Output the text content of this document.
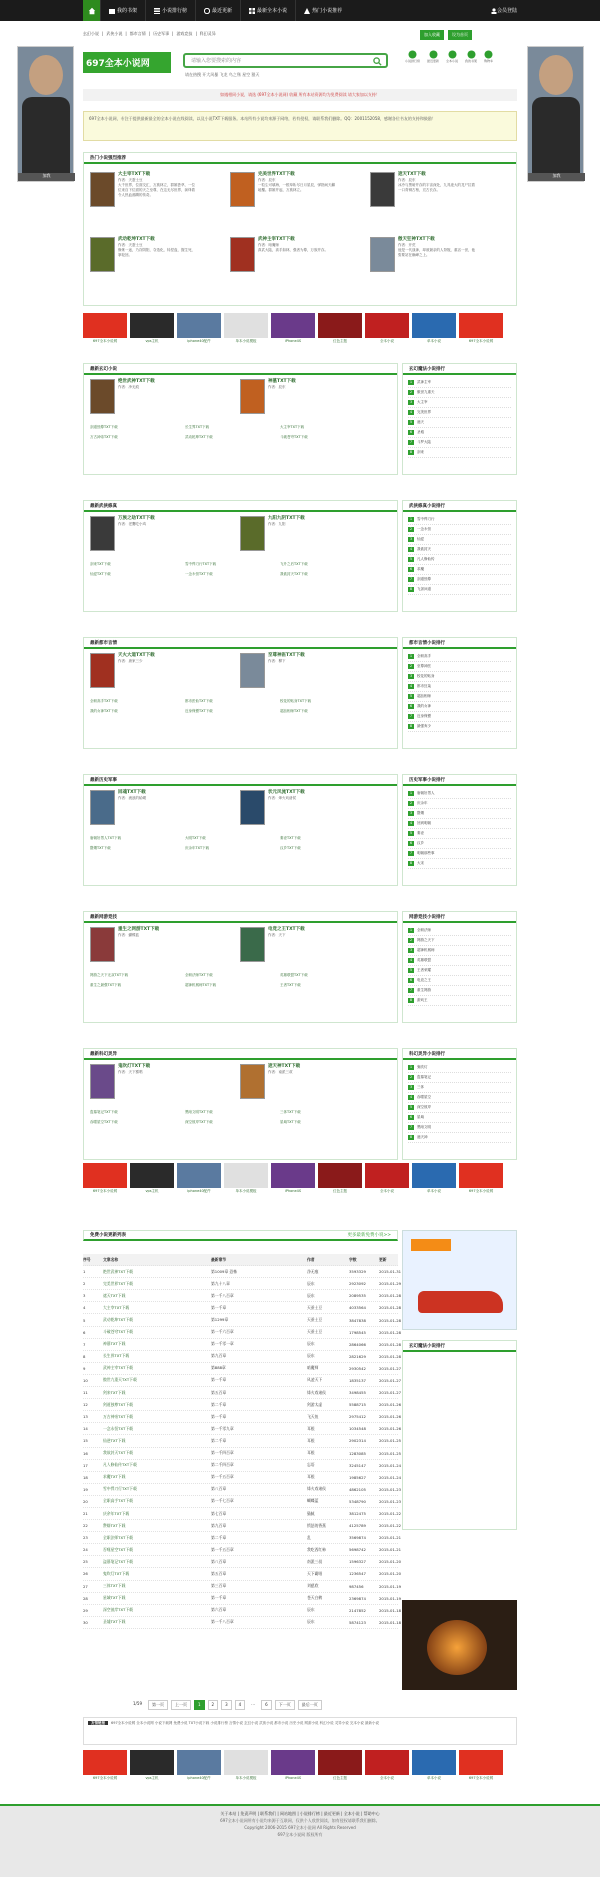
我的书架	小说排行榜	最近更新	最新全本小说	热门小说推荐	会员登陆
玄幻小说 | 武侠小说 | 都市言情 | 历史军事 | 游戏竞技 | 科幻灵异	加入收藏	设为首页
697全本小说网	请输入您要搜索的内容
请在热搜 开大风暴 飞龙 鸟之殇 星空 猎天
小说排行榜 最近更新 全本小说 我的书架 购物车
加我	加我
如遇相同小说，请选 (697全本小说网) 收藏 所有本站资源均为免费阅读 请大家加以支持！
697全本小说网，专注于提供最新最全的全本小说在线阅读，以及小说TXT下载服务。本站所有小说均来源于网络，若有侵权，请联系我们删除。QQ：2001152058，感谢各位书友的支持和鼓励！
热门小说强烈推荐
大主宰TXT下载
作者：天蚕土豆
大千世界，位面交汇，万族林立，群雄荟萃，一位位来自下位面的天之至尊，在这无尽世界，演绎着令人热血沸腾的传奇。
完美世界TXT下载
作者：辰东
一粒尘可填海，一根草斩尽日月星辰，弹指间天翻地覆。群雄并起，万族林立。
遮天TXT下载
作者：辰东
冰冷与黑暗并存的宇宙深处，九具庞大的龙尸拉着一口青铜古棺，亘古长存。
武动乾坤TXT下载
作者：天蚕土豆
修炼一途，乃窃阴阳，夺造化，转涅盘，握生死，掌轮回。
武神主宰TXT下载
作者：暗魔师
真武大陆，高手如林，强者为尊，万族并存。
傲天狂神TXT下载
作者：开荒
他是一代战神，却被最亲的人背叛，重活一世，他誓要站在巅峰之上。
697全本小说网	vps主机	iphone40配件	单本小说模板	iPhone4S	红色主题	全本小说	单本小说	697全本小说网
最新玄幻小说
绝世武神TXT下载
作者：净无痕
神墓TXT下载
作者：辰东
剑道独尊TXT下载	长生界TXT下载	大主宰TXT下载
万古神帝TXT下载	武动乾坤TXT下载	斗破苍穹TXT下载
玄幻魔法小说排行
1 武神主宰
2 傲世九重天
3 大主宰
4 完美世界
5 遮天
6 圣墟
7 斗罗大陆
8 剑来
最新武侠修真
万族之劫TXT下载
作者：老鹰吃小鸡
九阳九阴TXT下载
作者：九阳
剑来TXT下载	雪中悍刀行TXT下载	飞升之后TXT下载
仙逆TXT下载	一念永恒TXT下载	我欲封天TXT下载
武侠修真小说排行
1 雪中悍刀行
2 一念永恒
3 仙逆
4 我欲封天
5 凡人修仙传
6 求魔
7 剑道独尊
8 飞剑问道
最新都市言情
天火大道TXT下载
作者：唐家三少
至尊神医TXT下载
作者：柳下
全职高手TXT下载	都市医仙TXT下载	校花的贴身TXT下载
我的女神TXT下载	近身保镖TXT下载	超品相师TXT下载
都市言情小说排行
1 全职高手
2 至尊神医
3 校花的贴身
4 都市狂枭
5 超品相师
6 我的女神
7 近身保镖
8 最强弃少
最新历史军事
回魂TXT下载
作者：流浪的蛤蟆
状元风流TXT下载
作者：烽火戏诸侯
唐朝好男人TXT下载	大明TXT下载	秦吏TXT下载
赘婿TXT下载	庆余年TXT下载	汉乡TXT下载
历史军事小说排行
1 唐朝好男人
2 庆余年
3 赘婿
4 回到明朝
5 秦吏
6 汉乡
7 明朝那些事
8 大宋
最新网游竞技
重生之网游TXT下载
作者：蝴蝶蓝
电竞之王TXT下载
作者：天下
网游之天下无双TXT下载	全职法师TXT下载	英雄联盟TXT下载
重生之最强TXT下载	超神机械师TXT下载	王者TXT下载
网游竞技小说排行
1 全职法师
2 网游之天下
3 超神机械师
4 英雄联盟
5 王者荣耀
6 电竞之王
7 重生网游
8 游戏王
最新科幻灵异
鬼吹灯TXT下载
作者：天下霸唱
遮天神TXT下载
作者：南派三叔
盗墓笔记TXT下载	黑暗文明TXT下载	三体TXT下载
吞噬星空TXT下载	深空彼岸TXT下载	星域TXT下载
科幻灵异小说排行
1 鬼吹灯
2 盗墓笔记
3 三体
4 吞噬星空
5 深空彼岸
6 星域
7 黑暗文明
8 遮天神
697全本小说网	vps主机	iphone40配件	单本小说模板	iPhone4S	红色主题	全本小说	单本小说	697全本小说网
免费小说更新列表	更多最新免费小说>>
序号	文章名称	最新章节	作者	字数	更新
1	绝世武神TXT下载	第1009章 恐怖	净无痕	3593329	2015-01-31
2	完美世界TXT下载	第九十八章	辰东	2923092	2015-01-29
3	遮天TXT下载	第一千八百章	辰东	2089535	2015-01-28
4	大主宰TXT下载	第一千章	天蚕土豆	4033564	2015-01-28
5	武动乾坤TXT下载	第1299章	天蚕土豆	3847838	2015-01-28
6	斗破苍穹TXT下载	第一千六百章	天蚕土豆	1798545	2015-01-28
7	神墓TXT下载	第一千零一章	辰东	2864066	2015-01-28
8	长生界TXT下载	第九百章	辰东	2821629	2015-01-28
9	武神主宰TXT下载	第888章	暗魔师	2930542	2015-01-27
10	傲世九重天TXT下载	第一千章	风凌天下	1835137	2015-01-27
11	剑来TXT下载	第五百章	烽火戏诸侯	3498455	2015-01-27
12	剑道独尊TXT下载	第二千章	剑游太虚	5588715	2015-01-26
13	万古神帝TXT下载	第一千章	飞天鱼	2975412	2015-01-26
14	一念永恒TXT下载	第一千零九章	耳根	1034548	2015-01-26
15	仙逆TXT下载	第二千章	耳根	2902314	2015-01-25
16	我欲封天TXT下载	第一千四百章	耳根	1283085	2015-01-25
17	凡人修仙传TXT下载	第二千四百章	忘语	3245147	2015-01-24
18	求魔TXT下载	第一千五百章	耳根	1985627	2015-01-24
19	雪中悍刀行TXT下载	第八百章	烽火戏诸侯	4862105	2015-01-23
20	全职高手TXT下载	第一千七百章	蝴蝶蓝	5348790	2015-01-23
21	庆余年TXT下载	第七百章	猫腻	3812475	2015-01-22
22	赘婿TXT下载	第九百章	愤怒的香蕉	4125789	2015-01-22
23	全职法师TXT下载	第二千章	乱	3569874	2015-01-21
24	吞噬星空TXT下载	第一千五百章	我吃西红柿	5698742	2015-01-21
25	盗墓笔记TXT下载	第八百章	南派三叔	1596327	2015-01-20
26	鬼吹灯TXT下载	第五百章	天下霸唱	1236547	2015-01-20
27	三体TXT下载	第三百章	刘慈欣	987456	2015-01-19
28	星域TXT下载	第一千章	苍天白鹤	2369874	2015-01-19
29	深空彼岸TXT下载	第六百章	辰东	2147852	2015-01-18
30	圣墟TXT下载	第一千八百章	辰东	5874123	2015-01-18
玄幻魔法小说排行
1/59	第一页	上一页	1	2	3	4	…	6	下一页	最后一页
友情链接 697全本小说网 全本小说网 小说下载网 免费小说 TXT小说下载 小说排行榜 言情小说 玄幻小说 武侠小说 都市小说 历史小说 网游小说 科幻小说 灵异小说 完本小说 最新小说
697全本小说网	vps主机	iphone40配件	单本小说模板	iPhone4S	红色主题	全本小说	单本小说	697全本小说网
关于本站 | 免责声明 | 联系我们 | 网站地图 | 小说排行榜 | 最近更新 | 全本小说 | 帮助中心
697全本小说网所有小说均来源于互联网，仅供个人欣赏阅读，如有侵权请联系我们删除。
Copyright 2006-2015 697全本小说网 All Rights Reserved
697全本小说网 版权所有
